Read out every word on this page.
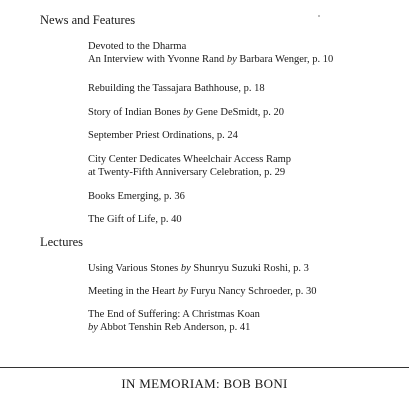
News and Features
Devoted to the Dharma
An Interview with Yvonne Rand by Barbara Wenger, p. 10
Rebuilding the Tassajara Bathhouse, p. 18
Story of Indian Bones by Gene DeSmidt, p. 20
September Priest Ordinations, p. 24
City Center Dedicates Wheelchair Access Ramp
at Twenty-Fifth Anniversary Celebration, p. 29
Books Emerging, p. 36
The Gift of Life, p. 40
Lectures
Using Various Stones by Shunryu Suzuki Roshi, p. 3
Meeting in the Heart by Furyu Nancy Schroeder, p. 30
The End of Suffering: A Christmas Koan
by Abbot Tenshin Reb Anderson, p. 41
IN MEMORIAM: BOB BONI
